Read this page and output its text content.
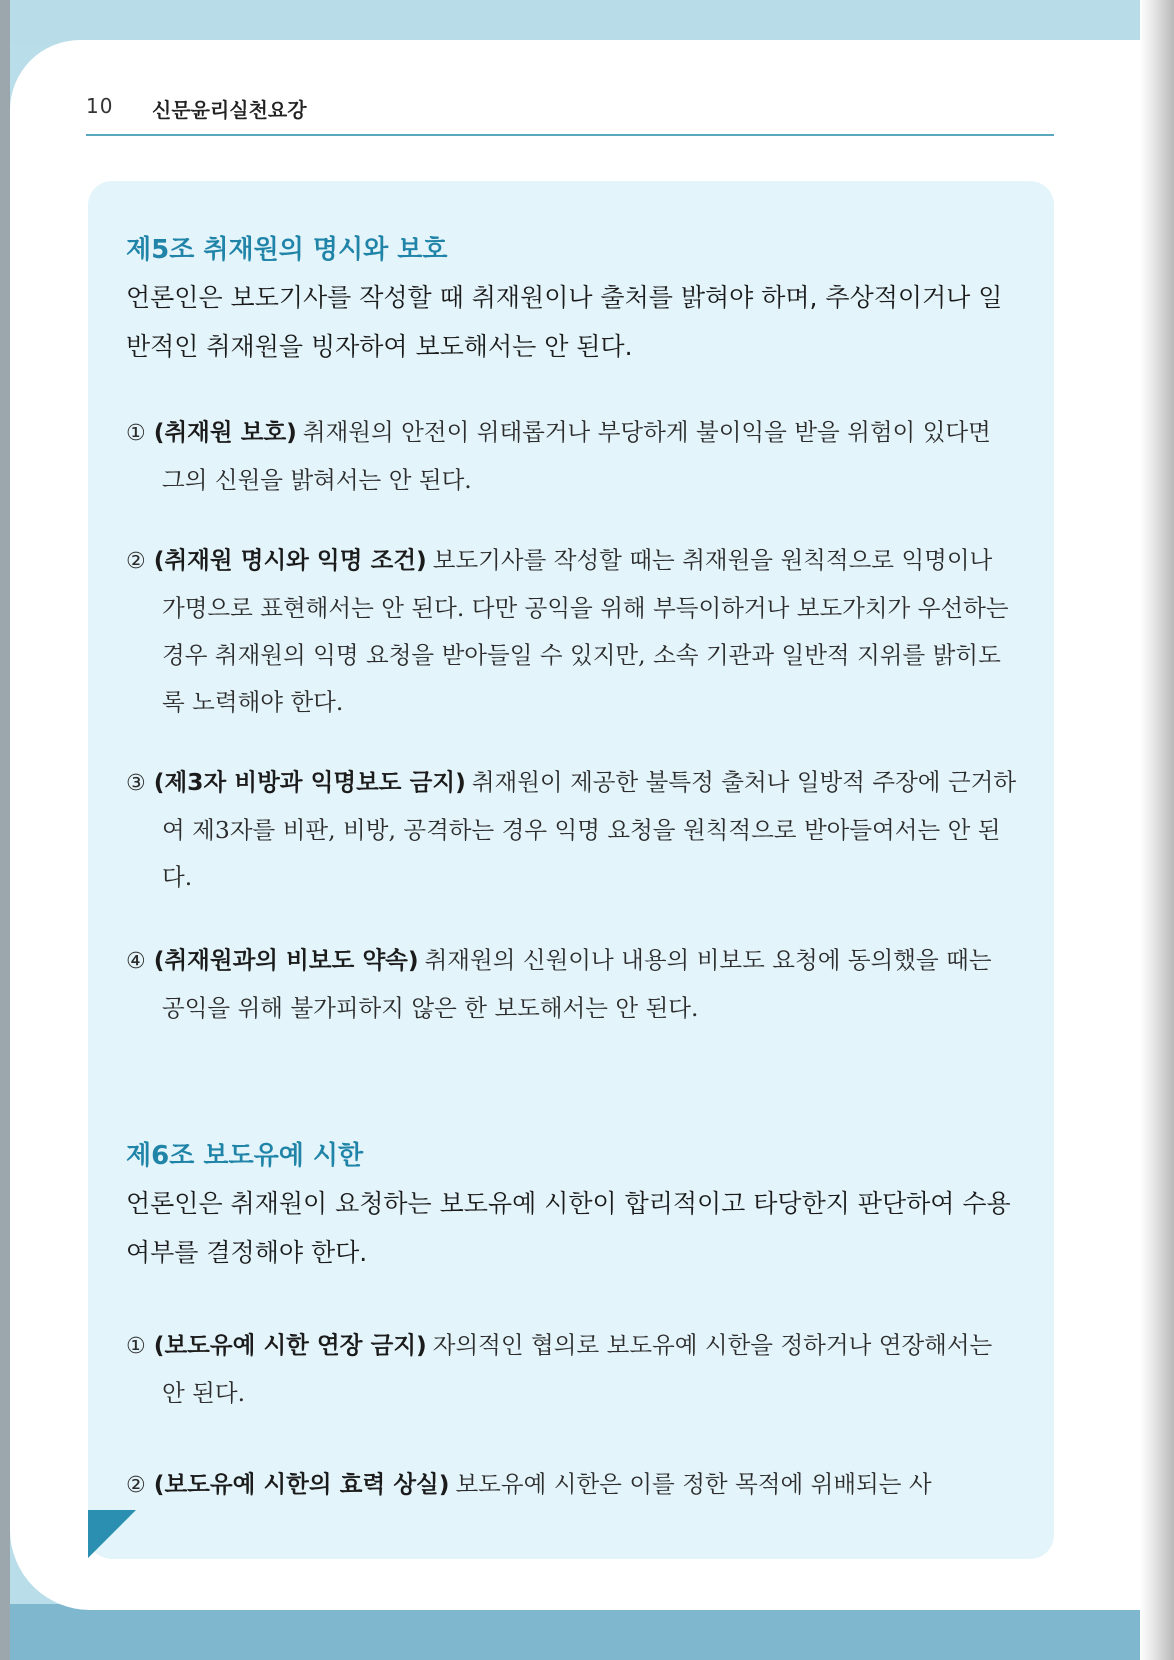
10 신문윤리실천요강
제5조 취재원의 명시와 보호

언론인은 보도기사를 작성할 때 취재원이나 출처를 밝혀야 하며, 추상적이거나 일반적인 취재원을 빙자하여 보도해서는 안 된다.

① (취재원 보호) 취재원의 안전이 위태롭거나 부당하게 불이익을 받을 위험이 있다면 그의 신원을 밝혀서는 안 된다.

② (취재원 명시와 익명 조건) 보도기사를 작성할 때는 취재원을 원칙적으로 익명이나 가명으로 표현해서는 안 된다. 다만 공익을 위해 부득이하거나 보도가치가 우선하는 경우 취재원의 익명 요청을 받아들일 수 있지만, 소속 기관과 일반적 지위를 밝히도록 노력해야 한다.

③ (제3자 비방과 익명보도 금지) 취재원이 제공한 불특정 출처나 일방적 주장에 근거하여 제3자를 비판, 비방, 공격하는 경우 익명 요청을 원칙적으로 받아들여서는 안 된다.

④ (취재원과의 비보도 약속) 취재원의 신원이나 내용의 비보도 요청에 동의했을 때는 공익을 위해 불가피하지 않은 한 보도해서는 안 된다.

제6조 보도유예 시한

언론인은 취재원이 요청하는 보도유예 시한이 합리적이고 타당한지 판단하여 수용 여부를 결정해야 한다.

① (보도유예 시한 연장 금지) 자의적인 협의로 보도유예 시한을 정하거나 연장해서는 안 된다.

② (보도유예 시한의 효력 상실) 보도유예 시한은 이를 정한 목적에 위배되는 사
